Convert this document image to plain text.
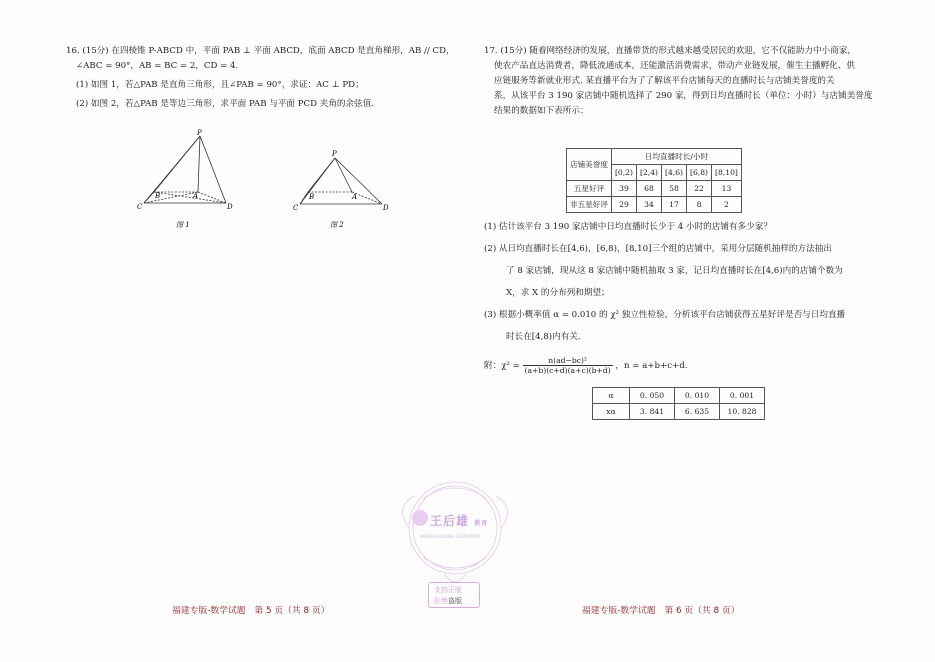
16. (15分) 在四棱锥 P-ABCD 中，平面 PAB ⊥ 平面 ABCD，底面 ABCD 是直角梯形，AB // CD，

∠ABC = 90°，AB = BC = 2，CD = 4.

(1) 如图 1，若△PAB 是直角三角形，且∠PAB = 90°，求证：AC ⊥ PD；

(2) 如图 2，若△PAB 是等边三角形，求平面 PAB 与平面 PCD 夹角的余弦值.

P
A
B
C	D
图 1
P
A
B
C	D
图 2
福建专版-数学试题　第 5 页（共 8 页）

17. (15分) 随着网络经济的发展，直播带货的形式越来越受居民的欢迎，它不仅能助力中小商家，
使农产品直达消费者，降低流通成本，还能激活消费需求，带动产业链发展，催生主播孵化、供
应链服务等新就业形式. 某直播平台为了了解该平台店铺每天的直播时长与店铺美誉度的关
系，从该平台 3 190 家店铺中随机选择了 290 家，得到日均直播时长（单位：小时）与店铺美誉度
结果的数据如下表所示：

店铺美誉度	日均直播时长/小时				
	[0,2)	[2,4)	[4,6)	[6,8)	[8,10]
五星好评	39	68	58	22	13
非五星好评	29	34	17	8	2

(1) 估计该平台 3 190 家店铺中日均直播时长少于 4 小时的店铺有多少家？

(2) 从日均直播时长在[4,6)，[6,8)，[8,10]三个组的店铺中，采用分层随机抽样的方法抽出

了 8 家店铺，现从这 8 家店铺中随机抽取 3 家，记日均直播时长在[4,6)内的店铺个数为

X，求 X 的分布列和期望；

(3) 根据小概率值 α = 0.010 的 χ² 独立性检验，分析该平台店铺获得五星好评是否与日均直播

时长在[4,8)内有关.

附：$\chi^2 = \frac{\text{n(ad−bc)²}}{(a+b)(c+d)(a+c)(b+d)}$ ，n = a+b+c+d.
α	0. 050	0. 010	0. 001
xα	3. 841	6. 635	10. 828
福建专版-数学试题　第 6 页（共 8 页）
王后雄 教育
WANGHOUXIONG EDUCATION
支持正版
拒绝盗版
